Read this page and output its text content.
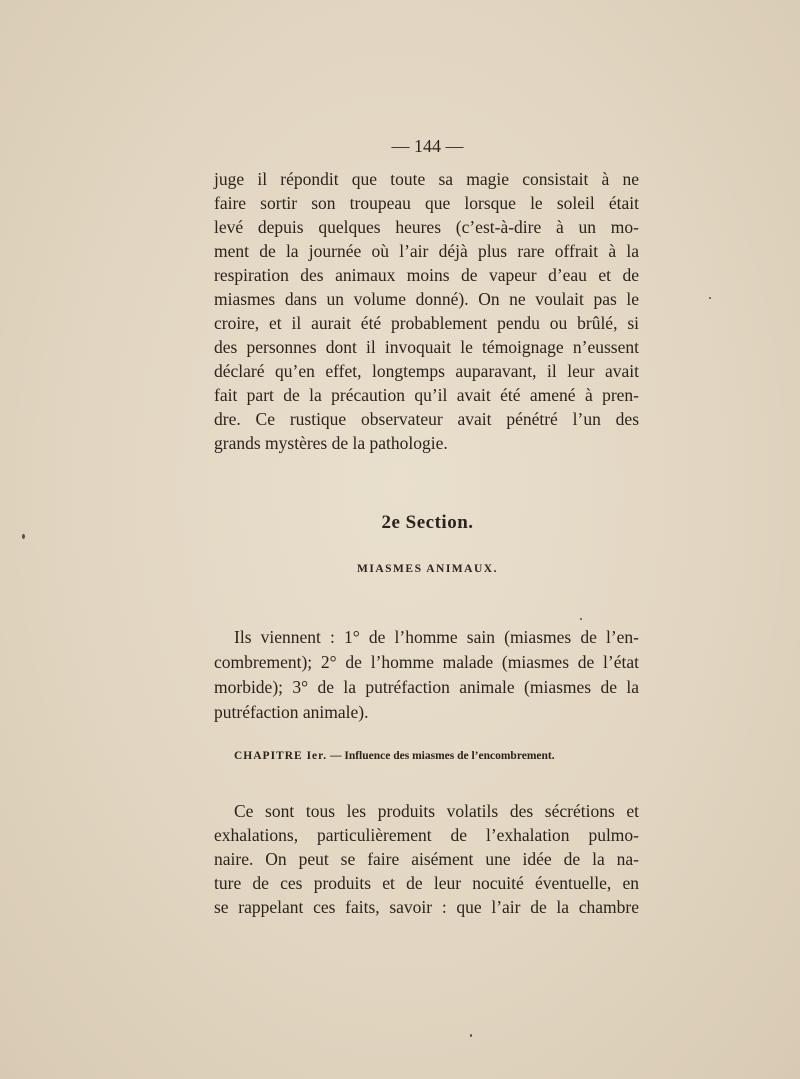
— 144 —
juge il répondit que toute sa magie consistait à ne
faire sortir son troupeau que lorsque le soleil était
levé depuis quelques heures (c’est-à-dire à un mo-
ment de la journée où l’air déjà plus rare offrait à la
respiration des animaux moins de vapeur d’eau et de
miasmes dans un volume donné). On ne voulait pas le
croire, et il aurait été probablement pendu ou brûlé, si
des personnes dont il invoquait le témoignage n’eussent
déclaré qu’en effet, longtemps auparavant, il leur avait
fait part de la précaution qu’il avait été amené à pren-
dre. Ce rustique observateur avait pénétré l’un des
grands mystères de la pathologie.
2e Section.
MIASMES ANIMAUX.
Ils viennent : 1° de l’homme sain (miasmes de l’en-
combrement); 2° de l’homme malade (miasmes de l’état
morbide); 3° de la putréfaction animale (miasmes de la
putréfaction animale).
CHAPITRE Ier. — Influence des miasmes de l’encombrement.
Ce sont tous les produits volatils des sécrétions et
exhalations, particulièrement de l’exhalation pulmo-
naire. On peut se faire aisément une idée de la na-
ture de ces produits et de leur nocuité éventuelle, en
se rappelant ces faits, savoir : que l’air de la chambre
